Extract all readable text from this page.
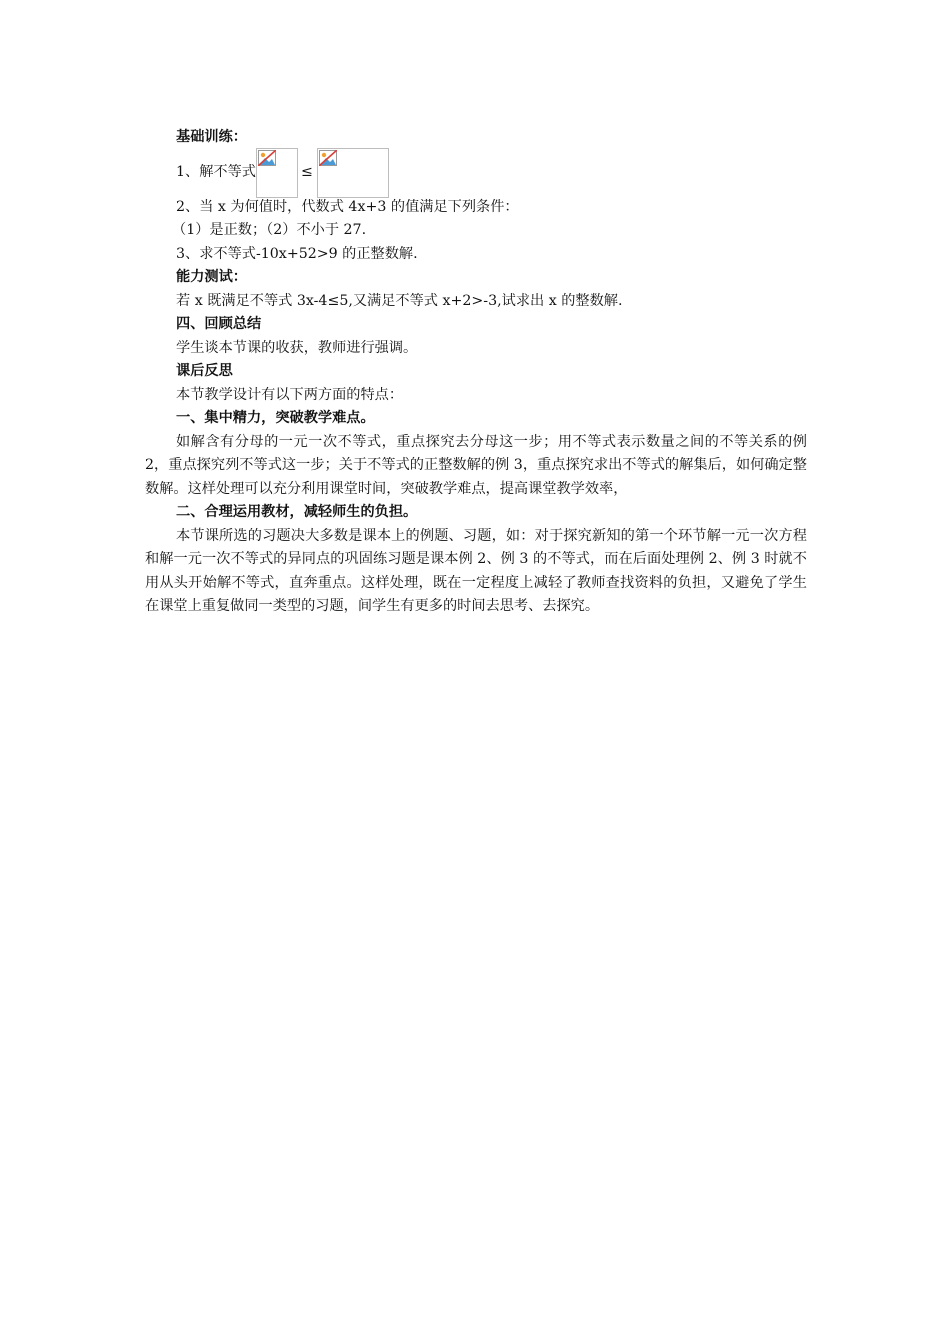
基础训练：
1、解不等式	≤
2、当 x 为何值时，代数式 4x+3 的值满足下列条件：
（1）是正数；（2）不小于 27.
3、求不等式-10x+52>9 的正整数解.
能力测试：
若 x 既满足不等式 3x-4≤5,又满足不等式 x+2>-3,试求出 x 的整数解.
四、回顾总结
学生谈本节课的收获，教师进行强调。
课后反思
本节教学设计有以下两方面的特点：
一、集中精力，突破教学难点。
如解含有分母的一元一次不等式，重点探究去分母这一步；用不等式表示数量之间的不等关系的例 2，重点探究列不等式这一步；关于不等式的正整数解的例 3，重点探究求出不等式的解集后，如何确定整数解。这样处理可以充分利用课堂时间，突破教学难点，提高课堂教学效率，
二、合理运用教材，减轻师生的负担。
本节课所选的习题决大多数是课本上的例题、习题，如：对于探究新知的第一个环节解一元一次方程和解一元一次不等式的异同点的巩固练习题是课本例 2、例 3 的不等式，而在后面处理例 2、例 3 时就不用从头开始解不等式，直奔重点。这样处理，既在一定程度上减轻了教师查找资料的负担，又避免了学生在课堂上重复做同一类型的习题，间学生有更多的时间去思考、去探究。
